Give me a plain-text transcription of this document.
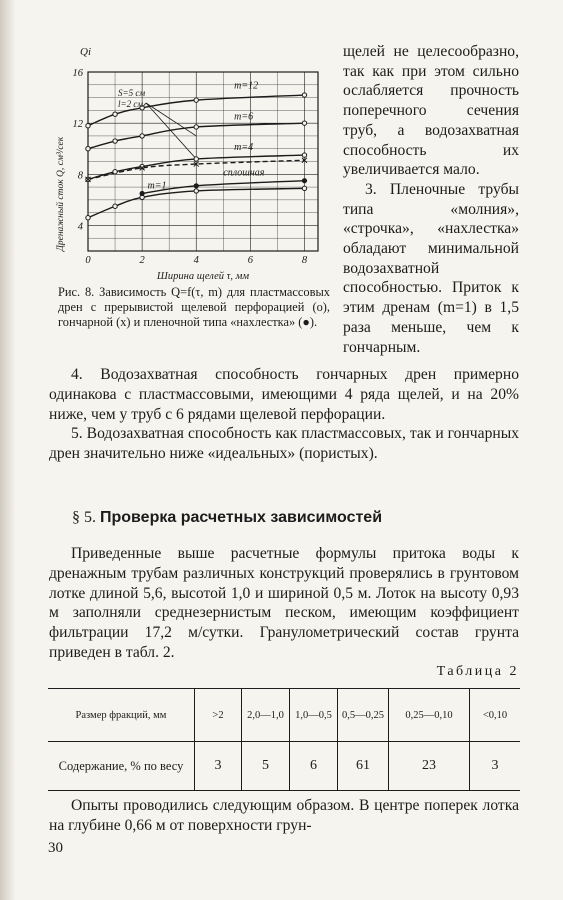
Qi
Дренажный сток Q, см³/сек
Ширина щелей τ, мм
16
12
8
4
0	2	4	6	8
S=5 см
l=2 см
m=12
m=6
m=4
m=1
сплошная

Рис. 8. Зависимость Q=f(τ, m) для пластмассовых дрен с прерывистой щелевой перфорацией (о), гончарной (x) и пленочной типа «нахлестка» (●).

щелей не целесообразно, так как при этом сильно ослабляется прочность поперечного сечения труб, а водозахватная способность их увеличивается мало.

3. Пленочные трубы типа «молния», «строчка», «нахлестка» обладают минимальной водозахватной способностью. Приток к этим дренам (m=1) в 1,5 раза меньше, чем к гончарным.

4. Водозахватная способность гончарных дрен примерно одинакова с пластмассовыми, имеющими 4 ряда щелей, и на 20% ниже, чем у труб с 6 рядами щелевой перфорации.

5. Водозахватная способность как пластмассовых, так и гончарных дрен значительно ниже «идеальных» (пористых).

§ 5. Проверка расчетных зависимостей

Приведенные выше расчетные формулы притока воды к дренажным трубам различных конструкций проверялись в грунтовом лотке длиной 5,6, высотой 1,0 и шириной 0,5 м. Лоток на высоту 0,93 м заполняли среднезернистым песком, имеющим коэффициент фильтрации 17,2 м/сутки. Гранулометрический состав грунта приведен в табл. 2.

Таблица 2
Размер фракций, мм	>2	2,0—1,0	1,0—0,5	0,5—0,25	0,25—0,10	<0,10
Содержание, % по весу	3	5	6	61	23	3

Опыты проводились следующим образом. В центре поперек лотка на глубине 0,66 м от поверхности грун-

30
